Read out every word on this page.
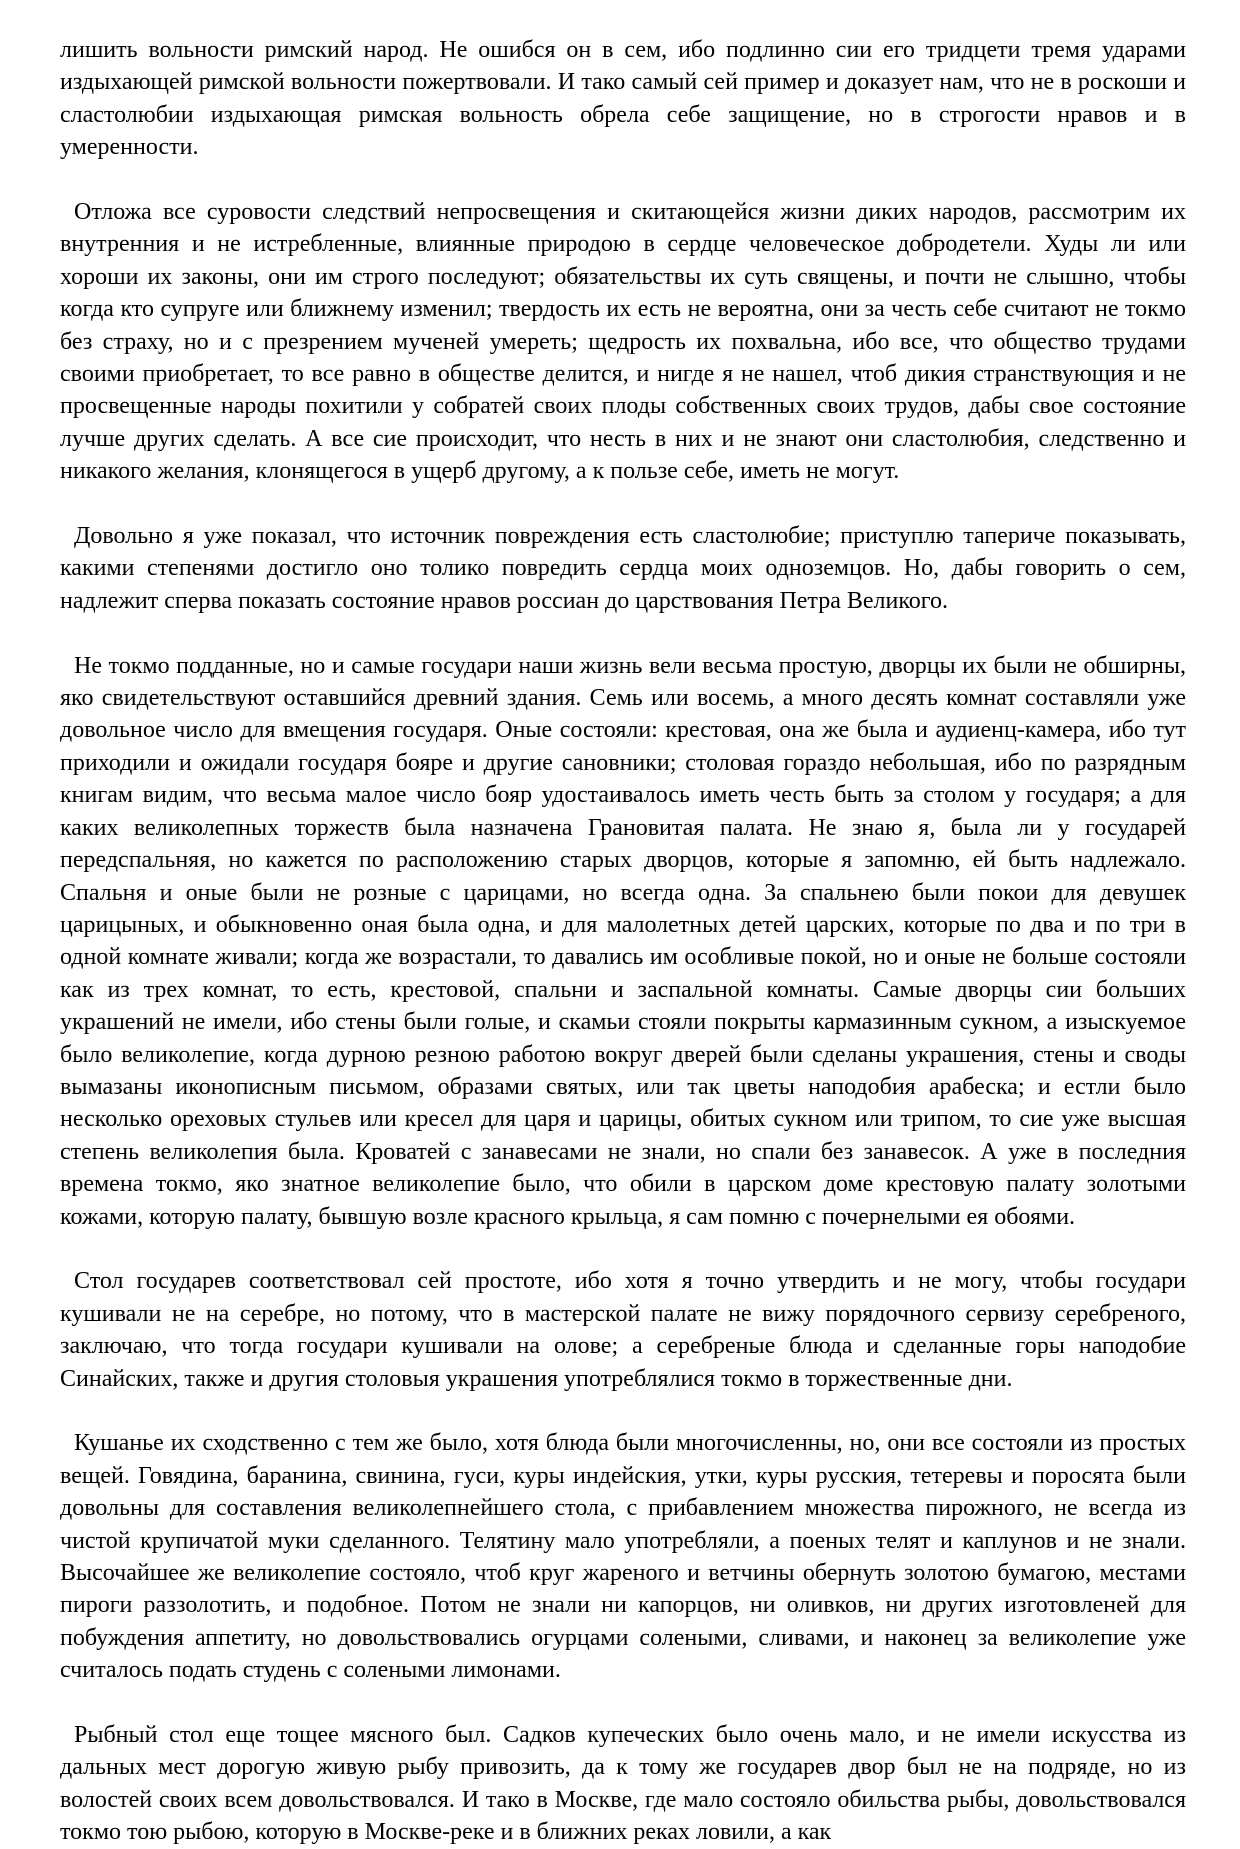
лишить вольности римский народ. Не ошибся он в сем, ибо подлинно сии его тридцети тремя ударами издыхающей римской вольности пожертвовали. И тако самый сей пример и доказует нам, что не в роскоши и сластолюбии издыхающая римская вольность обрела себе защищение, но в строгости нравов и в умеренности.

Отложа все суровости следствий непросвещения и скитающейся жизни диких народов, рассмотрим их внутренния и не истребленные, влиянные природою в сердце человеческое добродетели. Худы ли или хороши их законы, они им строго последуют; обязательствы их суть священы, и почти не слышно, чтобы когда кто супруге или ближнему изменил; твердость их есть не вероятна, они за честь себе считают не токмо без страху, но и с презрением мученей умереть; щедрость их похвальна, ибо все, что общество трудами своими приобретает, то все равно в обществе делится, и нигде я не нашел, чтоб дикия странствующия и не просвещенные народы похитили у собратей своих плоды собственных своих трудов, дабы свое состояние лучше других сделать. А все сие происходит, что несть в них и не знают они сластолюбия, следственно и никакого желания, клонящегося в ущерб другому, а к пользе себе, иметь не могут.

Довольно я уже показал, что источник повреждения есть сластолюбие; приступлю тапериче показывать, какими степенями достигло оно толико повредить сердца моих одноземцов. Но, дабы говорить о сем, надлежит сперва показать состояние нравов россиан до царствования Петра Великого.

Не токмо подданные, но и самые государи наши жизнь вели весьма простую, дворцы их были не обширны, яко свидетельствуют оставшийся древний здания. Семь или восемь, а много десять комнат составляли уже довольное число для вмещения государя. Оные состояли: крестовая, она же была и аудиенц-камера, ибо тут приходили и ожидали государя бояре и другие сановники; столовая гораздо небольшая, ибо по разрядным книгам видим, что весьма малое число бояр удостаивалось иметь честь быть за столом у государя; а для каких великолепных торжеств была назначена Грановитая палата. Не знаю я, была ли у государей передспальняя, но кажется по расположению старых дворцов, которые я запомню, ей быть надлежало. Спальня и оные были не розные с царицами, но всегда одна. За спальнею были покои для девушек царицыных, и обыкновенно оная была одна, и для малолетных детей царских, которые по два и по три в одной комнате живали; когда же возрастали, то давались им особливые покой, но и оные не больше состояли как из трех комнат, то есть, крестовой, спальни и заспальной комнаты. Самые дворцы сии больших украшений не имели, ибо стены были голые, и скамьи стояли покрыты кармазинным сукном, а изыскуемое было великолепие, когда дурною резною работою вокруг дверей были сделаны украшения, стены и своды вымазаны иконописным письмом, образами святых, или так цветы наподобия арабеска; и естли было несколько ореховых стульев или кресел для царя и царицы, обитых сукном или трипом, то сие уже высшая степень великолепия была. Кроватей с занавесами не знали, но спали без занавесок. А уже в последния времена токмо, яко знатное великолепие было, что обили в царском доме крестовую палату золотыми кожами, которую палату, бывшую возле красного крыльца, я сам помню с почернелыми ея обоями.

Стол государев соответствовал сей простоте, ибо хотя я точно утвердить и не могу, чтобы государи кушивали не на серебре, но потому, что в мастерской палате не вижу порядочного сервизу серебреного, заключаю, что тогда государи кушивали на олове; а серебреные блюда и сделанные горы наподобие Синайских, также и другия столовыя украшения употреблялися токмо в торжественные дни.

Кушанье их сходственно с тем же было, хотя блюда были многочисленны, но, они все состояли из простых вещей. Говядина, баранина, свинина, гуси, куры индейския, утки, куры русския, тетеревы и поросята были довольны для составления великолепнейшего стола, с прибавлением множества пирожного, не всегда из чистой крупичатой муки сделанного. Телятину мало употребляли, а поеных телят и каплунов и не знали. Высочайшее же великолепие состояло, чтоб круг жареного и ветчины обернуть золотою бумагою, местами пироги раззолотить, и подобное. Потом не знали ни капорцов, ни оливков, ни других изготовленей для побуждения аппетиту, но довольствовались огурцами солеными, сливами, и наконец за великолепие уже считалось подать студень с солеными лимонами.

Рыбный стол еще тощее мясного был. Садков купеческих было очень мало, и не имели искусства из дальных мест дорогую живую рыбу привозить, да к тому же государев двор был не на подряде, но из волостей своих всем довольствовался. И тако в Москве, где мало состояло обильства рыбы, довольствовался токмо тою рыбою, которую в Москве-реке и в ближних реках ловили, а как
